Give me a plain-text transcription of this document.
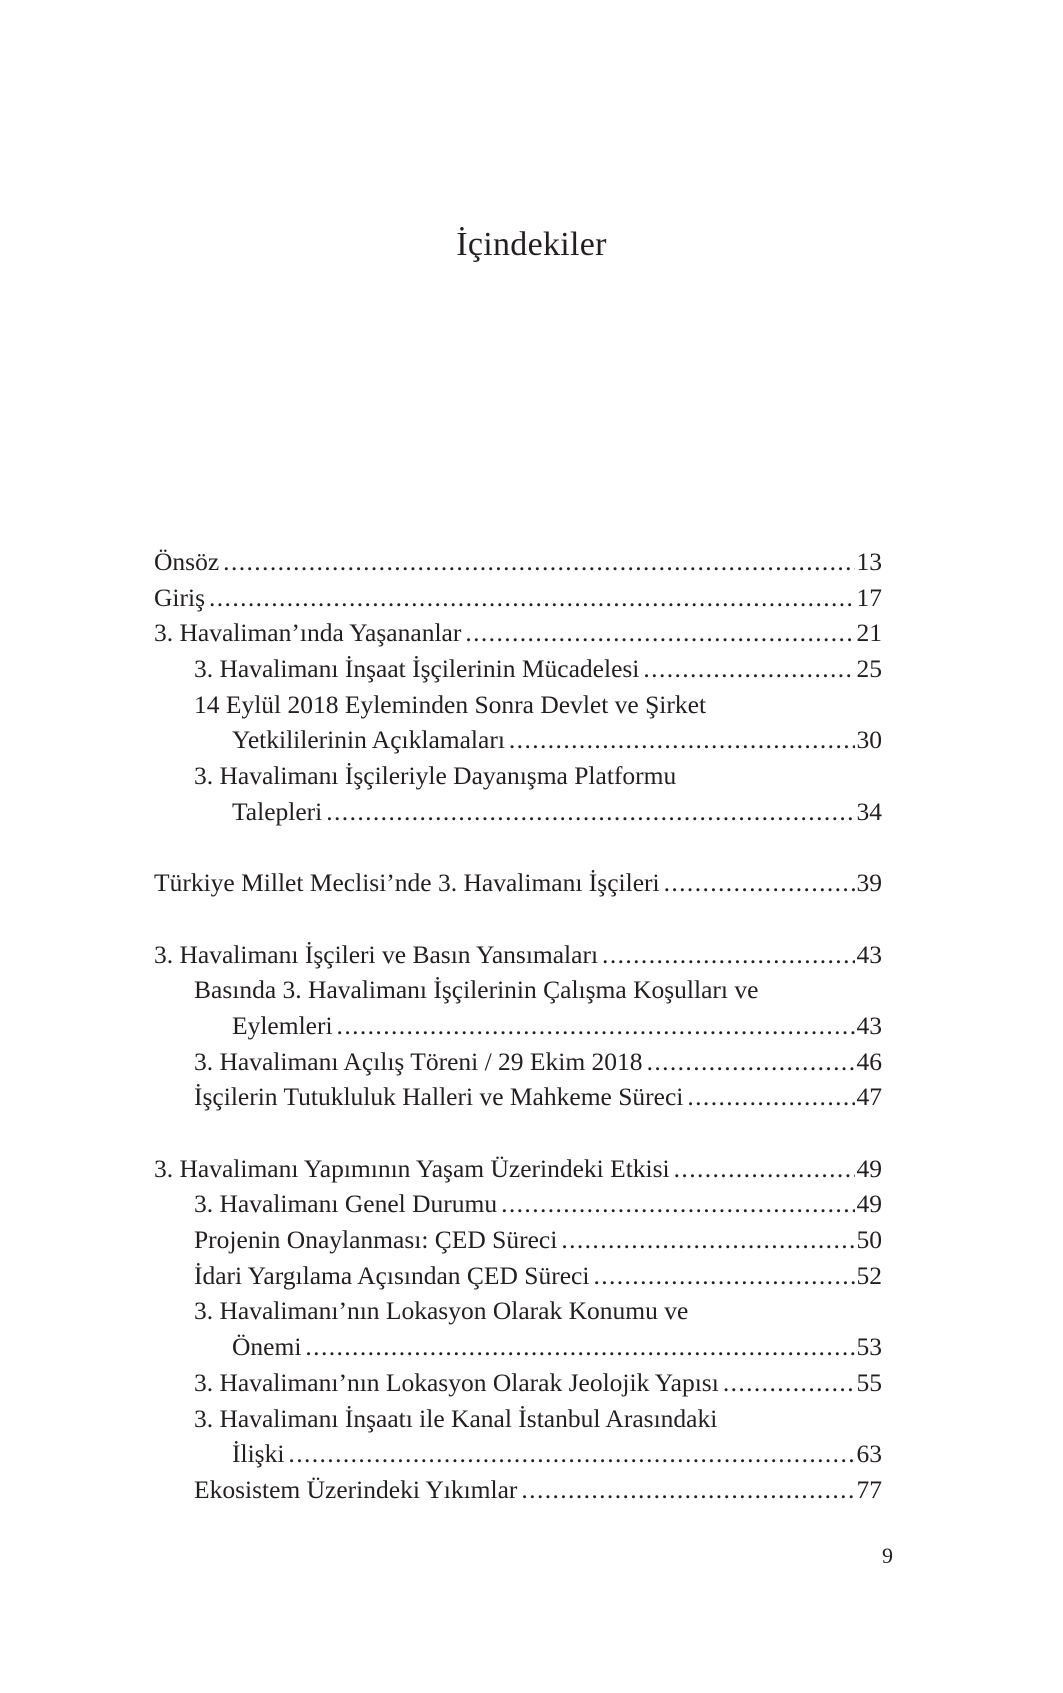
İçindekiler
Önsöz .....	13
Giriş .....	17
3. Havaliman’ında Yaşananlar .....	21
3. Havalimanı İnşaat İşçilerinin Mücadelesi .....	25
14 Eylül 2018 Eyleminden Sonra Devlet ve Şirket
Yetkililerinin Açıklamaları .....	30
3. Havalimanı İşçileriyle Dayanışma Platformu
Talepleri .....	34
Türkiye Millet Meclisi’nde 3. Havalimanı İşçileri .....	39
3. Havalimanı İşçileri ve Basın Yansımaları .....	43
Basında 3. Havalimanı İşçilerinin Çalışma Koşulları ve
Eylemleri .....	43
3. Havalimanı Açılış Töreni / 29 Ekim 2018 .....	46
İşçilerin Tutukluluk Halleri ve Mahkeme Süreci .....	47
3. Havalimanı Yapımının Yaşam Üzerindeki Etkisi .....	49
3. Havalimanı Genel Durumu .....	49
Projenin Onaylanması: ÇED Süreci .....	50
İdari Yargılama Açısından ÇED Süreci .....	52
3. Havalimanı’nın Lokasyon Olarak Konumu ve
Önemi .....	53
3. Havalimanı’nın Lokasyon Olarak Jeolojik Yapısı .....	55
3. Havalimanı İnşaatı ile Kanal İstanbul Arasındaki
İlişki .....	63
Ekosistem Üzerindeki Yıkımlar .....	77
9
